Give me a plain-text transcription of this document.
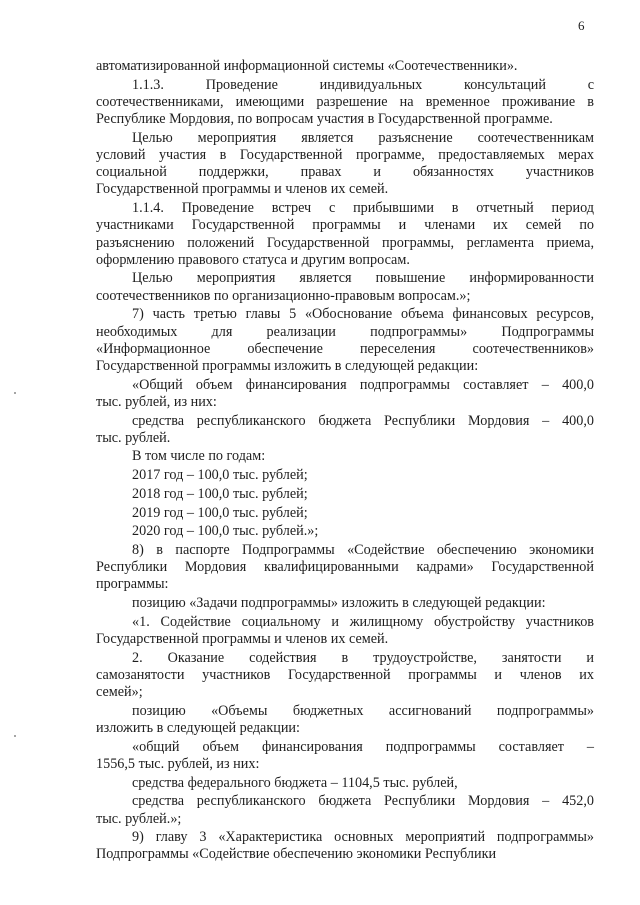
6
автоматизированной информационной системы «Соотечественники».
1.1.3. Проведение индивидуальных консультаций с
соотечественниками, имеющими разрешение на временное проживание в
Республике Мордовия, по вопросам участия в Государственной программе.
Целью мероприятия является разъяснение соотечественникам
условий участия в Государственной программе, предоставляемых мерах
социальной поддержки, правах и обязанностях участников
Государственной программы и членов их семей.
1.1.4. Проведение встреч с прибывшими в отчетный период
участниками Государственной программы и членами их семей по
разъяснению положений Государственной программы, регламента приема,
оформлению правового статуса и другим вопросам.
Целью мероприятия является повышение информированности
соотечественников по организационно-правовым вопросам.»;
7) часть третью главы 5 «Обоснование объема финансовых ресурсов,
необходимых для реализации подпрограммы» Подпрограммы
«Информационное обеспечение переселения соотечественников»
Государственной программы изложить в следующей редакции:
«Общий объем финансирования подпрограммы составляет – 400,0
тыс. рублей, из них:
средства республиканского бюджета Республики Мордовия – 400,0
тыс. рублей.
В том числе по годам:
2017 год – 100,0 тыс. рублей;
2018 год – 100,0 тыс. рублей;
2019 год – 100,0 тыс. рублей;
2020 год – 100,0 тыс. рублей.»;
8) в паспорте Подпрограммы «Содействие обеспечению экономики
Республики Мордовия квалифицированными кадрами» Государственной
программы:
позицию «Задачи подпрограммы» изложить в следующей редакции:
«1. Содействие социальному и жилищному обустройству участников
Государственной программы и членов их семей.
2. Оказание содействия в трудоустройстве, занятости и
самозанятости участников Государственной программы и членов их
семей»;
позицию «Объемы бюджетных ассигнований подпрограммы»
изложить в следующей редакции:
«общий объем финансирования подпрограммы составляет –
1556,5 тыс. рублей, из них:
средства федерального бюджета – 1104,5 тыс. рублей,
средства республиканского бюджета Республики Мордовия – 452,0
тыс. рублей.»;
9) главу 3 «Характеристика основных мероприятий подпрограммы»
Подпрограммы «Содействие обеспечению экономики Республики
